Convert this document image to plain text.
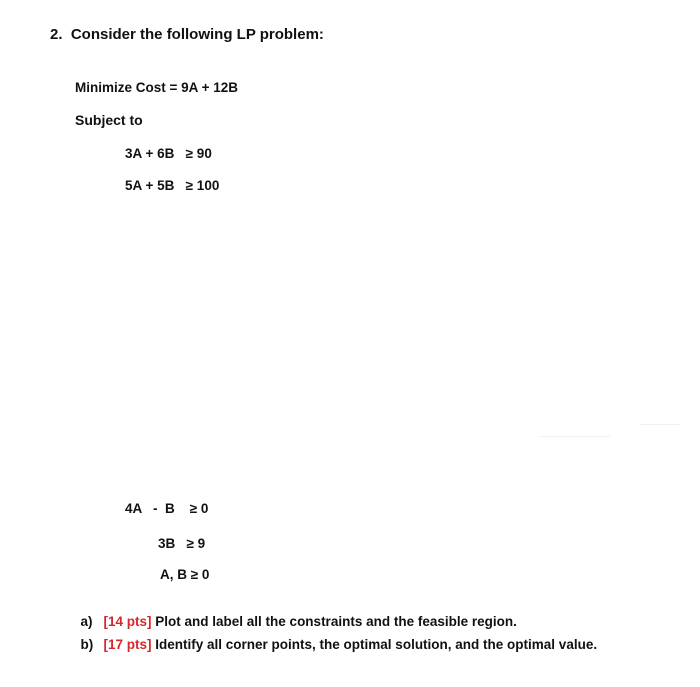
2.  Consider the following LP problem:
Minimize Cost = 9A + 12B
Subject to
3A + 6B   ≥ 90
5A + 5B   ≥ 100
4A   -  B    ≥ 0
3B   ≥ 9
A, B ≥ 0

a) [14 pts] Plot and label all the constraints and the feasible region.

b) [17 pts] Identify all corner points, the optimal solution, and the optimal value.
